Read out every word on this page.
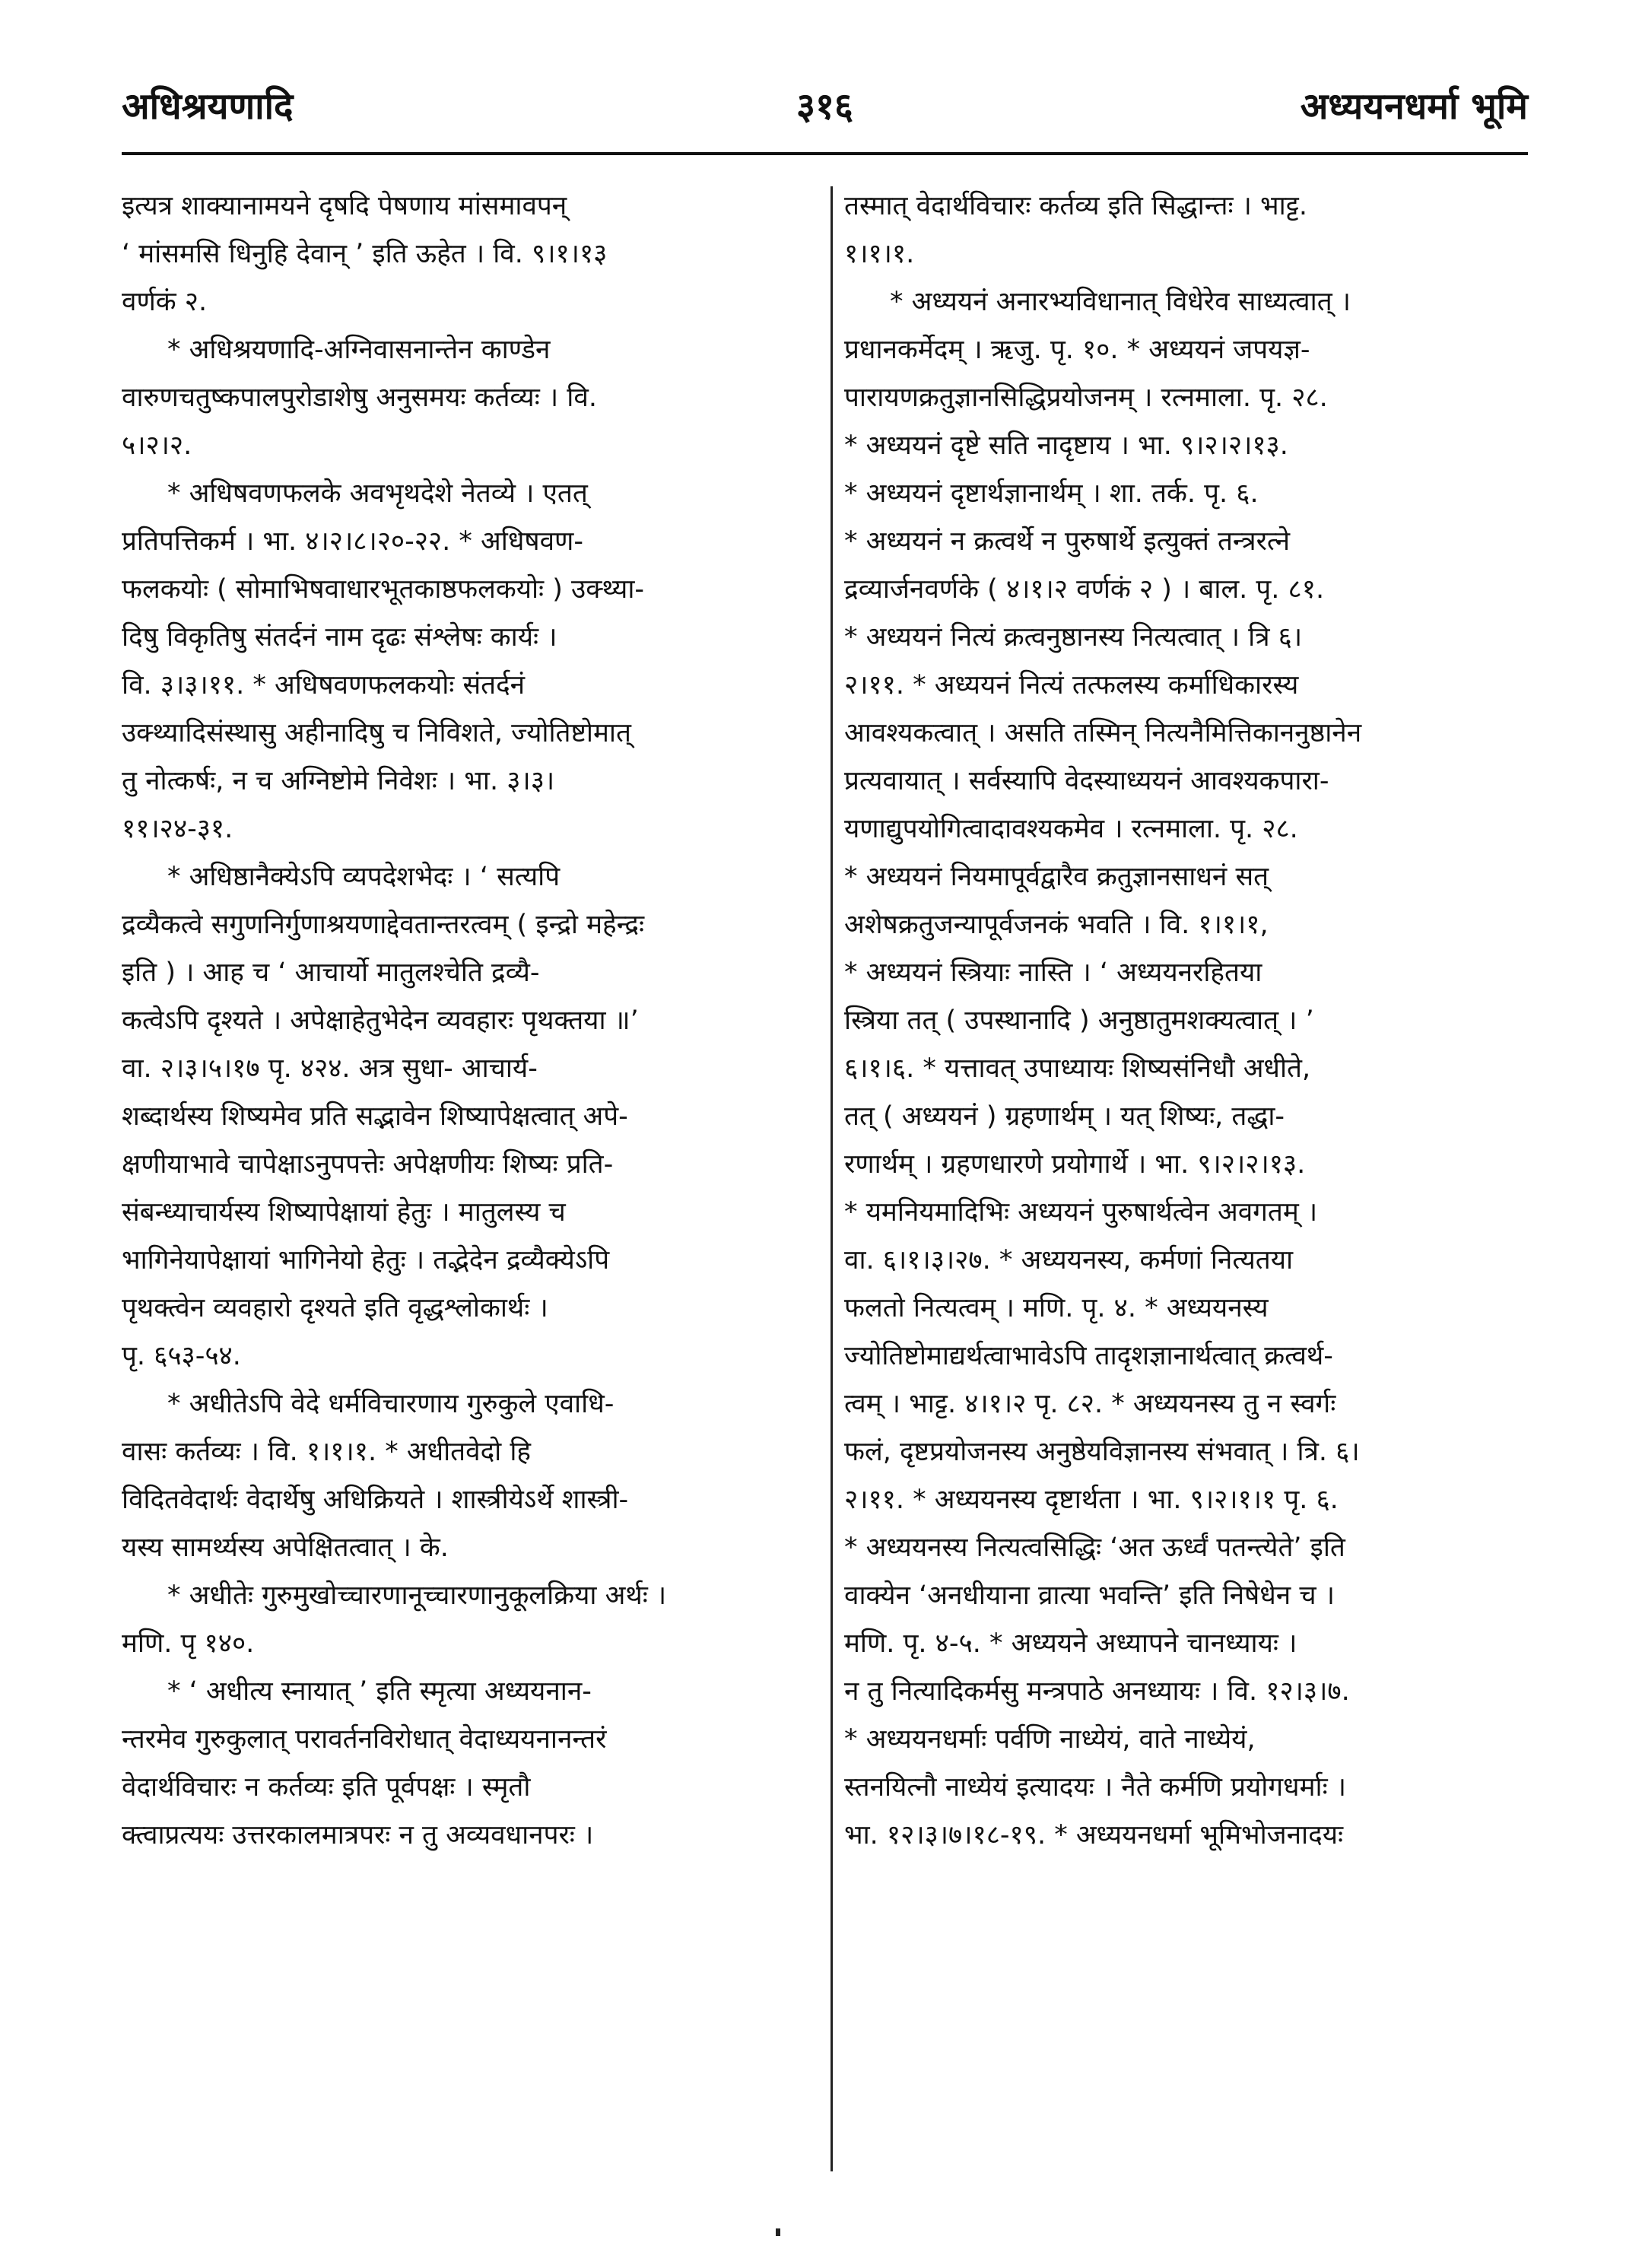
अधिश्रयणादि	३१६	अध्ययनधर्मा भूमि
इत्यत्र शाक्यानामयने दृषदि पेषणाय मांसमावपन्
‘ मांसमसि धिनुहि देवान् ’ इति ऊहेत । वि. ९।१।१३
वर्णकं २.
* अधिश्रयणादि-अग्निवासनान्तेन काण्डेन
वारुणचतुष्कपालपुरोडाशेषु अनुसमयः कर्तव्यः । वि.
५।२।२.
* अधिषवणफलके अवभृथदेशे नेतव्ये । एतत्
प्रतिपत्तिकर्म । भा. ४।२।८।२०-२२. * अधिषवण-
फलकयोः ( सोमाभिषवाधारभूतकाष्ठफलकयोः ) उक्थ्या-
दिषु विकृतिषु संतर्दनं नाम दृढः संश्लेषः कार्यः ।
वि. ३।३।११. * अधिषवणफलकयोः संतर्दनं
उक्थ्यादिसंस्थासु अहीनादिषु च निविशते, ज्योतिष्टोमात्
तु नोत्कर्षः, न च अग्निष्टोमे निवेशः । भा. ३।३।
११।२४-३१.
* अधिष्ठानैक्येऽपि व्यपदेशभेदः । ‘ सत्यपि
द्रव्यैकत्वे सगुणनिर्गुणाश्रयणाद्देवतान्तरत्वम् ( इन्द्रो महेन्द्रः
इति ) । आह च ‘ आचार्यो मातुलश्चेति द्रव्यै-
कत्वेऽपि दृश्यते । अपेक्षाहेतुभेदेन व्यवहारः पृथक्तया ॥’
वा. २।३।५।१७ पृ. ४२४. अत्र सुधा- आचार्य-
शब्दार्थस्य शिष्यमेव प्रति सद्भावेन शिष्यापेक्षत्वात् अपे-
क्षणीयाभावे चापेक्षाऽनुपपत्तेः अपेक्षणीयः शिष्यः प्रति-
संबन्ध्याचार्यस्य शिष्यापेक्षायां हेतुः । मातुलस्य च
भागिनेयापेक्षायां भागिनेयो हेतुः । तद्भेदेन द्रव्यैक्येऽपि
पृथक्त्वेन व्यवहारो दृश्यते इति वृद्धश्लोकार्थः ।
पृ. ६५३-५४.
* अधीतेऽपि वेदे धर्मविचारणाय गुरुकुले एवाधि-
वासः कर्तव्यः । वि. १।१।१. * अधीतवेदो हि
विदितवेदार्थः वेदार्थेषु अधिक्रियते । शास्त्रीयेऽर्थे शास्त्री-
यस्य सामर्थ्यस्य अपेक्षितत्वात् । के.
* अधीतेः गुरुमुखोच्चारणानूच्चारणानुकूलक्रिया अर्थः ।
मणि. पृ १४०.
* ‘ अधीत्य स्नायात् ’ इति स्मृत्या अध्ययनान-
न्तरमेव गुरुकुलात् परावर्तनविरोधात् वेदाध्ययनानन्तरं
वेदार्थविचारः न कर्तव्यः इति पूर्वपक्षः । स्मृतौ
क्त्वाप्रत्ययः उत्तरकालमात्रपरः न तु अव्यवधानपरः ।
तस्मात् वेदार्थविचारः कर्तव्य इति सिद्धान्तः । भाट्ट.
१।१।१.
* अध्ययनं अनारभ्यविधानात् विधेरेव साध्यत्वात् ।
प्रधानकर्मेदम् । ऋजु. पृ. १०. * अध्ययनं जपयज्ञ-
पारायणक्रतुज्ञानसिद्धिप्रयोजनम् । रत्नमाला. पृ. २८.
* अध्ययनं दृष्टे सति नादृष्टाय । भा. ९।२।२।१३.
* अध्ययनं दृष्टार्थज्ञानार्थम् । शा. तर्क. पृ. ६.
* अध्ययनं न क्रत्वर्थे न पुरुषार्थे इत्युक्तं तन्त्ररत्ने
द्रव्यार्जनवर्णके ( ४।१।२ वर्णकं २ ) । बाल. पृ. ८१.
* अध्ययनं नित्यं क्रत्वनुष्ठानस्य नित्यत्वात् । त्रि ६।
२।११. * अध्ययनं नित्यं तत्फलस्य कर्माधिकारस्य
आवश्यकत्वात् । असति तस्मिन् नित्यनैमित्तिकाननुष्ठानेन
प्रत्यवायात् । सर्वस्यापि वेदस्याध्ययनं आवश्यकपारा-
यणाद्युपयोगित्वादावश्यकमेव । रत्नमाला. पृ. २८.
* अध्ययनं नियमापूर्वद्वारैव क्रतुज्ञानसाधनं सत्
अशेषक्रतुजन्यापूर्वजनकं भवति । वि. १।१।१,
* अध्ययनं स्त्रियाः नास्ति । ‘ अध्ययनरहितया
स्त्रिया तत् ( उपस्थानादि ) अनुष्ठातुमशक्यत्वात् । ’
६।१।६. * यत्तावत् उपाध्यायः शिष्यसंनिधौ अधीते,
तत् ( अध्ययनं ) ग्रहणार्थम् । यत् शिष्यः, तद्धा-
रणार्थम् । ग्रहणधारणे प्रयोगार्थे । भा. ९।२।२।१३.
* यमनियमादिभिः अध्ययनं पुरुषार्थत्वेन अवगतम् ।
वा. ६।१।३।२७. * अध्ययनस्य, कर्मणां नित्यतया
फलतो नित्यत्वम् । मणि. पृ. ४. * अध्ययनस्य
ज्योतिष्टोमाद्यर्थत्वाभावेऽपि तादृशज्ञानार्थत्वात् क्रत्वर्थ-
त्वम् । भाट्ट. ४।१।२ पृ. ८२. * अध्ययनस्य तु न स्वर्गः
फलं, दृष्टप्रयोजनस्य अनुष्ठेयविज्ञानस्य संभवात् । त्रि. ६।
२।११. * अध्ययनस्य दृष्टार्थता । भा. ९।२।१।१ पृ. ६.
* अध्ययनस्य नित्यत्वसिद्धिः ‘अत ऊर्ध्वं पतन्त्येते’ इति
वाक्येन ‘अनधीयाना व्रात्या भवन्ति’ इति निषेधेन च ।
मणि. पृ. ४-५. * अध्ययने अध्यापने चानध्यायः ।
न तु नित्यादिकर्मसु मन्त्रपाठे अनध्यायः । वि. १२।३।७.
* अध्ययनधर्माः पर्वणि नाध्येयं, वाते नाध्येयं,
स्तनयित्नौ नाध्येयं इत्यादयः । नैते कर्मणि प्रयोगधर्माः ।
भा. १२।३।७।१८-१९. * अध्ययनधर्मा भूमिभोजनादयः
